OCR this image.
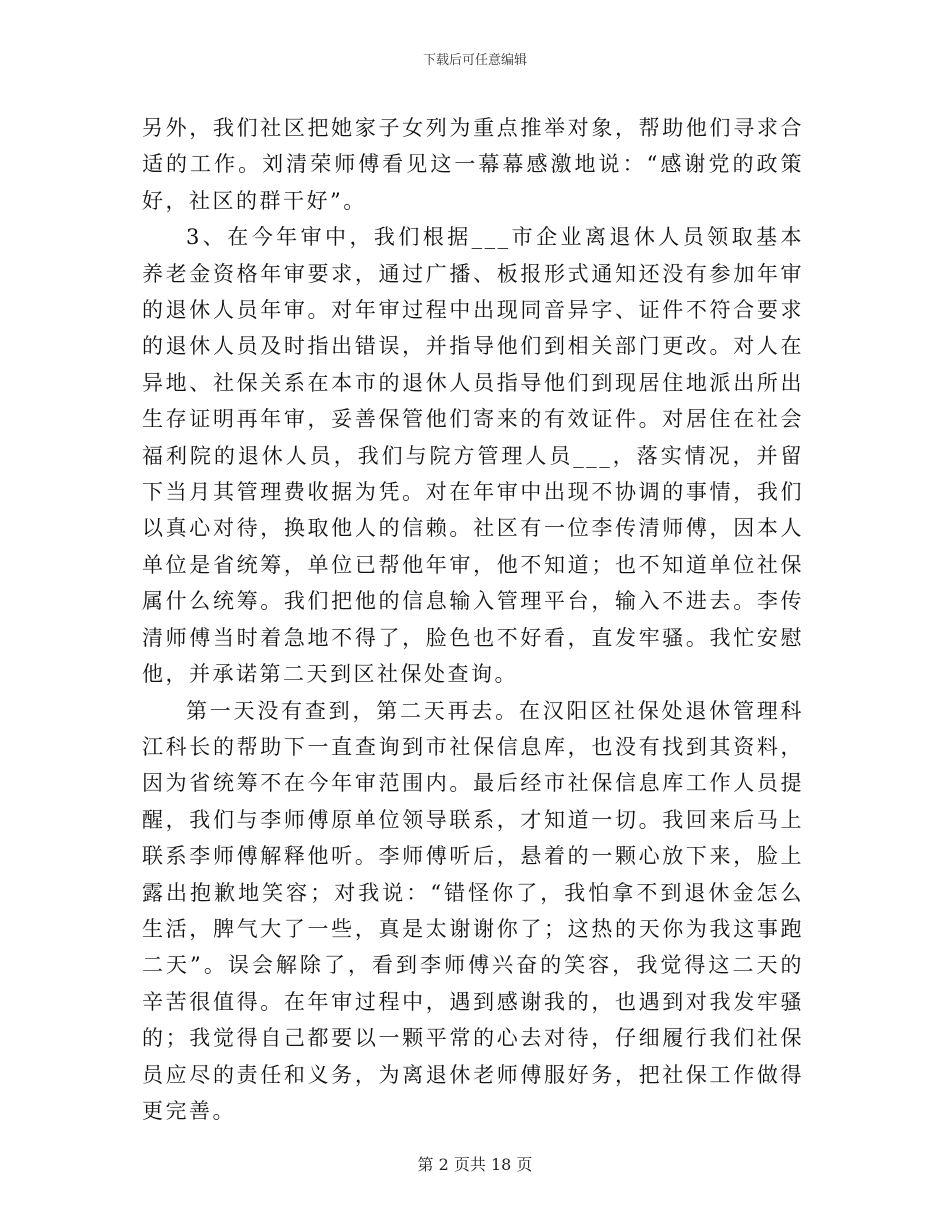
下载后可任意编辑

另外，我们社区把她家子女列为重点推举对象，帮助他们寻求合适的工作。刘清荣师傅看见这一幕幕感激地说：“感谢党的政策好，社区的群干好”。

3、在今年审中，我们根据___市企业离退休人员领取基本养老金资格年审要求，通过广播、板报形式通知还没有参加年审的退休人员年审。对年审过程中出现同音异字、证件不符合要求的退休人员及时指出错误，并指导他们到相关部门更改。对人在异地、社保关系在本市的退休人员指导他们到现居住地派出所出生存证明再年审，妥善保管他们寄来的有效证件。对居住在社会福利院的退休人员，我们与院方管理人员___，落实情况，并留下当月其管理费收据为凭。对在年审中出现不协调的事情，我们以真心对待，换取他人的信赖。社区有一位李传清师傅，因本人单位是省统筹，单位已帮他年审，他不知道；也不知道单位社保属什么统筹。我们把他的信息输入管理平台，输入不进去。李传清师傅当时着急地不得了，脸色也不好看，直发牢骚。我忙安慰他，并承诺第二天到区社保处查询。

第一天没有查到，第二天再去。在汉阳区社保处退休管理科江科长的帮助下一直查询到市社保信息库，也没有找到其资料，因为省统筹不在今年审范围内。最后经市社保信息库工作人员提醒，我们与李师傅原单位领导联系，才知道一切。我回来后马上联系李师傅解释他听。李师傅听后，悬着的一颗心放下来，脸上露出抱歉地笑容；对我说：“错怪你了，我怕拿不到退休金怎么生活，脾气大了一些，真是太谢谢你了；这热的天你为我这事跑二天”。误会解除了，看到李师傅兴奋的笑容，我觉得这二天的辛苦很值得。在年审过程中，遇到感谢我的，也遇到对我发牢骚的；我觉得自己都要以一颗平常的心去对待，仔细履行我们社保员应尽的责任和义务，为离退休老师傅服好务，把社保工作做得更完善。

第 2 页共 18 页
